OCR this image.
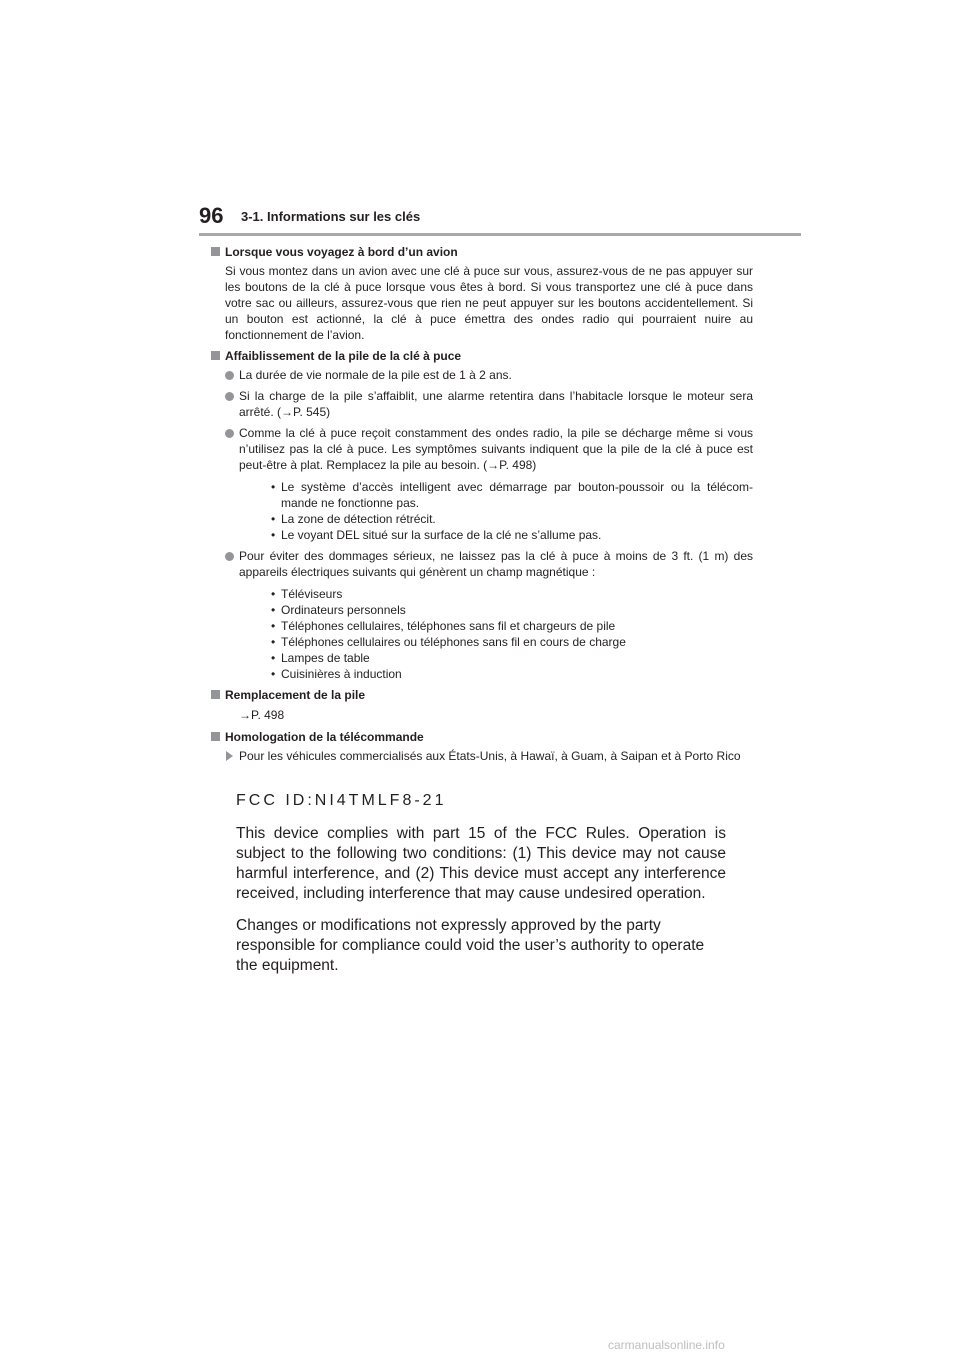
96 3-1. Informations sur les clés
Lorsque vous voyagez à bord d’un avion
Si vous montez dans un avion avec une clé à puce sur vous, assurez-vous de ne pas appuyer sur les boutons de la clé à puce lorsque vous êtes à bord. Si vous transportez une clé à puce dans votre sac ou ailleurs, assurez-vous que rien ne peut appuyer sur les boutons accidentellement. Si un bouton est actionné, la clé à puce émettra des ondes radio qui pourraient nuire au fonctionnement de l’avion.
Affaiblissement de la pile de la clé à puce
La durée de vie normale de la pile est de 1 à 2 ans.
Si la charge de la pile s’affaiblit, une alarme retentira dans l’habitacle lorsque le moteur sera arrêté. (→P. 545)
Comme la clé à puce reçoit constamment des ondes radio, la pile se décharge même si vous n’utilisez pas la clé à puce. Les symptômes suivants indiquent que la pile de la clé à puce est peut-être à plat. Remplacez la pile au besoin. (→P. 498)
• Le système d’accès intelligent avec démarrage par bouton-poussoir ou la télécom-mande ne fonctionne pas.
• La zone de détection rétrécit.
• Le voyant DEL situé sur la surface de la clé ne s’allume pas.
Pour éviter des dommages sérieux, ne laissez pas la clé à puce à moins de 3 ft. (1 m) des appareils électriques suivants qui génèrent un champ magnétique :
• Téléviseurs
• Ordinateurs personnels
• Téléphones cellulaires, téléphones sans fil et chargeurs de pile
• Téléphones cellulaires ou téléphones sans fil en cours de charge
• Lampes de table
• Cuisinières à induction
Remplacement de la pile
→P. 498
Homologation de la télécommande
Pour les véhicules commercialisés aux États-Unis, à Hawaï, à Guam, à Saipan et à Porto Rico
FCC ID:NI4TMLF8-21
This device complies with part 15 of the FCC Rules. Operation is subject to the following two conditions: (1) This device may not cause harmful interference, and (2) This device must accept any interference received, including interference that may cause undesired operation.
Changes or modifications not expressly approved by the party responsible for compliance could void the user’s authority to operate the equipment.
carmanualsonline.info
